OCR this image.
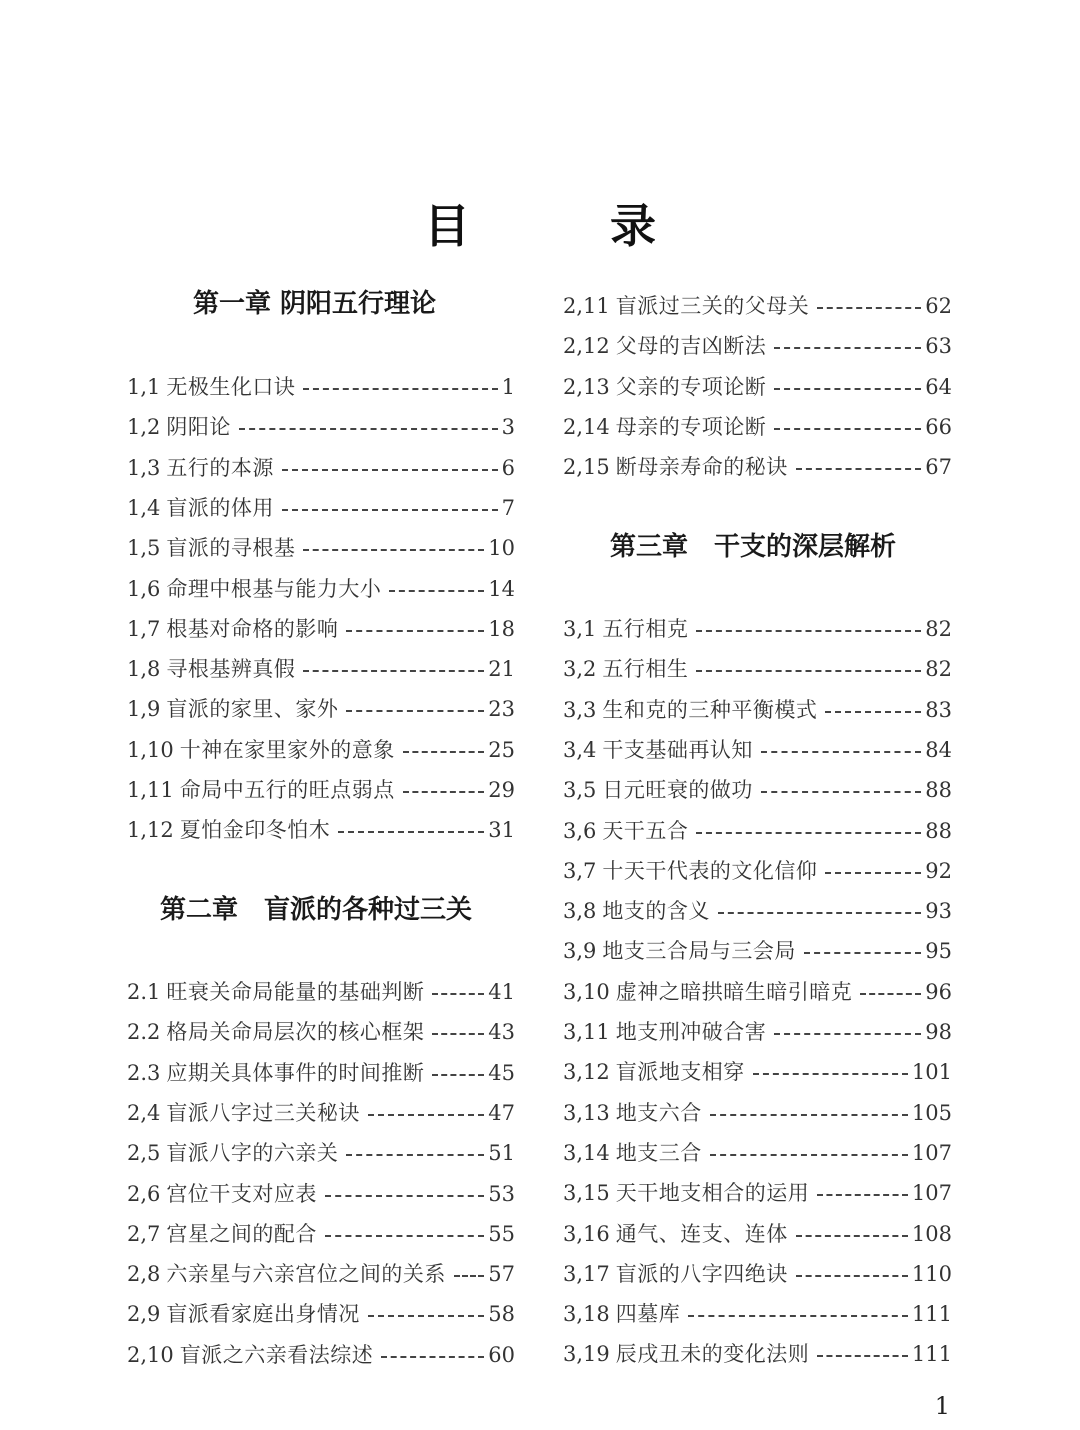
目 录
第一章 阴阳五行理论
1,1 无极生化口诀	1
1,2 阴阳论	3
1,3 五行的本源	6
1,4 盲派的体用	7
1,5 盲派的寻根基	10
1,6 命理中根基与能力大小	14
1,7 根基对命格的影响	18
1,8 寻根基辨真假	21
1,9 盲派的家里、家外	23
1,10 十神在家里家外的意象	25
1,11 命局中五行的旺点弱点	29
1,12 夏怕金印冬怕木	31
第二章　盲派的各种过三关
2.1 旺衰关命局能量的基础判断	41
2.2 格局关命局层次的核心框架	43
2.3 应期关具体事件的时间推断	45
2,4 盲派八字过三关秘诀	47
2,5 盲派八字的六亲关	51
2,6 宫位干支对应表	53
2,7 宫星之间的配合	55
2,8 六亲星与六亲宫位之间的关系 57
2,9 盲派看家庭出身情况	58
2,10 盲派之六亲看法综述	60
2,11 盲派过三关的父母关	62
2,12 父母的吉凶断法	63
2,13 父亲的专项论断	64
2,14 母亲的专项论断	66
2,15 断母亲寿命的秘诀	67
第三章　干支的深层解析
3,1 五行相克	82
3,2 五行相生	82
3,3 生和克的三种平衡模式	83
3,4 干支基础再认知	84
3,5 日元旺衰的做功	88
3,6 天干五合	88
3,7 十天干代表的文化信仰	92
3,8 地支的含义	93
3,9 地支三合局与三会局	95
3,10 虚神之暗拱暗生暗引暗克	96
3,11 地支刑冲破合害	98
3,12 盲派地支相穿	101
3,13 地支六合	105
3,14 地支三合	107
3,15 天干地支相合的运用	107
3,16 通气、连支、连体	108
3,17 盲派的八字四绝诀	110
3,18 四墓库	111
3,19 辰戌丑未的变化法则	111
1
